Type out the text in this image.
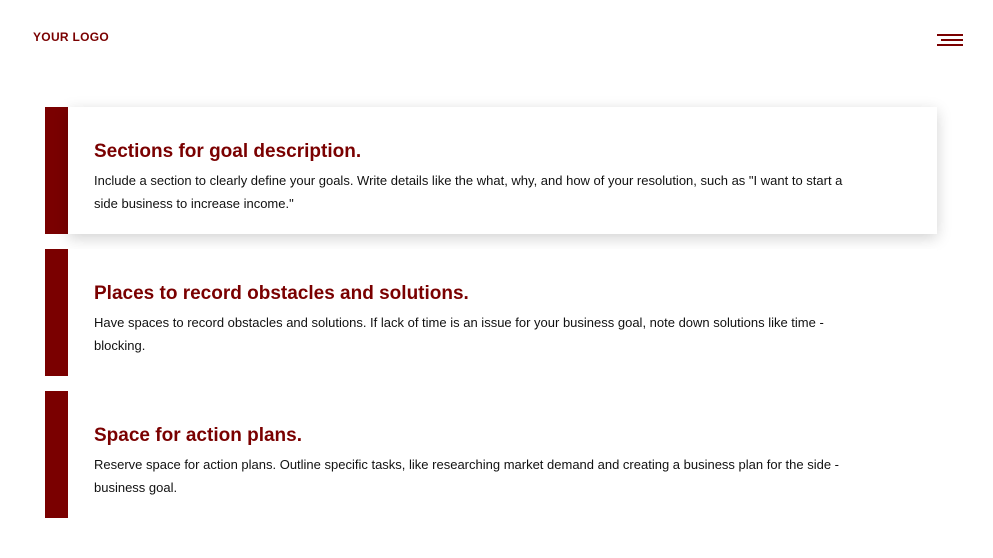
YOUR LOGO
Sections for goal description.

Include a section to clearly define your goals. Write details like the what, why, and how of your resolution, such as "I want to start a side business to increase income."

Places to record obstacles and solutions.

Have spaces to record obstacles and solutions. If lack of time is an issue for your business goal, note down solutions like time - blocking.

Space for action plans.

Reserve space for action plans. Outline specific tasks, like researching market demand and creating a business plan for the side - business goal.
